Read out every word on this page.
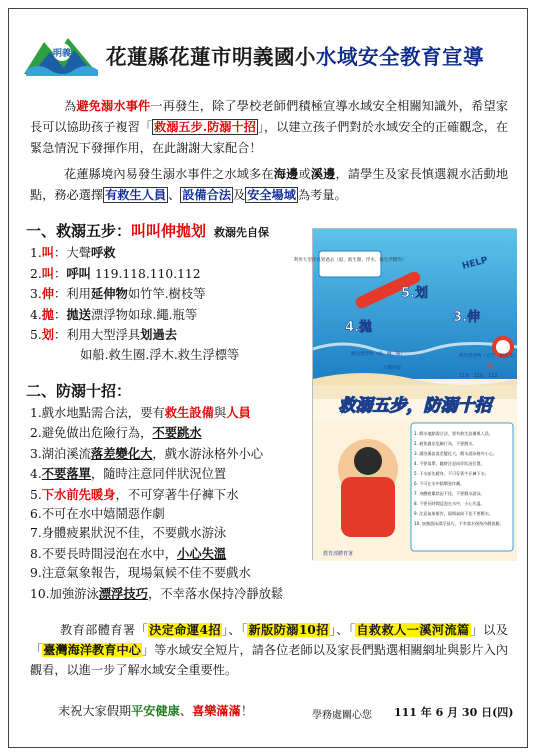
明義 花蓮縣花蓮市明義國小水域安全教育宣導
為避免溺水事件一再發生，除了學校老師們積極宣導水域安全相關知識外，希望家長可以協助孩子複習「 救溺五步.防溺十招 」，以建立孩子們對於水域安全的正確觀念，在緊急情況下發揮作用，在此謝謝大家配合！
花蓮縣境內易發生溺水事件之水域多在海邊或溪邊，請學生及家長慎選親水活動地點，務必選擇 有救生人員 、 設備合法 及 安全場域 為考量。
一、救溺五步：叫叫伸拋划 救溺先自保
1.叫：大聲呼救
2.叫：呼叫 119.118.110.112
3.伸：利用延伸物如竹竿.樹枝等
4.拋：拋送漂浮物如球.繩.瓶等
5.划：利用大型浮具划過去
如船.救生圈.浮木.救生浮標等
二、防溺十招：
1.戲水地點需合法，要有救生設備與人員
2.避免做出危險行為，不要跳水
3.湖泊溪流落差變化大，戲水游泳格外小心
4.不要落單，隨時注意同伴狀況位置
5.下水前先暖身，不可穿著牛仔褲下水
6.不可在水中嬉鬧惡作劇
7.身體疲累狀況不佳，不要戲水游泳
8.不要長時間浸泡在水中，小心失溫
9.注意氣象報告，現場氣候不佳不要戲水
10.加強游泳漂浮技巧，不幸落水保持冷靜放鬆
利用大型浮具划過去（船、救生圈、浮木、救生浮標等）	HELP
5.划
4.拋
3.伸
拋送漂浮物（球、繩、瓶）
大聲呼救
利用延伸物（竹竿、樹枝等）
叫
119、110、112
救溺五步，防溺十招
1. 戲水地點需合法，要有救生設備與人員。
2. 避免做出危險行為，不要跳水。
3. 湖泊溪流落差變化大，戲水游泳格外小心。
4. 不要落單，隨時注意同伴狀況位置。
5. 下水前先暖身，不可穿著牛仔褲下水。
6. 不可在水中嬉鬧惡作劇。
7. 身體疲累狀況不佳，不要戲水游泳。
8. 不要長時間浸泡在水中，小心失溫。
9. 注意氣象報告，現場氣候不佳不要戲水。
10. 加強游泳漂浮技巧，不幸落水保持冷靜放鬆。
教育部體育署
教育部體育署「決定命運4招」、「新版防溺10招」、「自救救人一溪河流篇」以及「臺灣海洋教育中心」等水域安全短片，請各位老師以及家長們點選相關網址與影片入內觀看，以進一步了解水域安全重要性。
末祝大家假期平安健康、喜樂滿滿！	學務處關心您 111 年 6 月 30 日(四)
